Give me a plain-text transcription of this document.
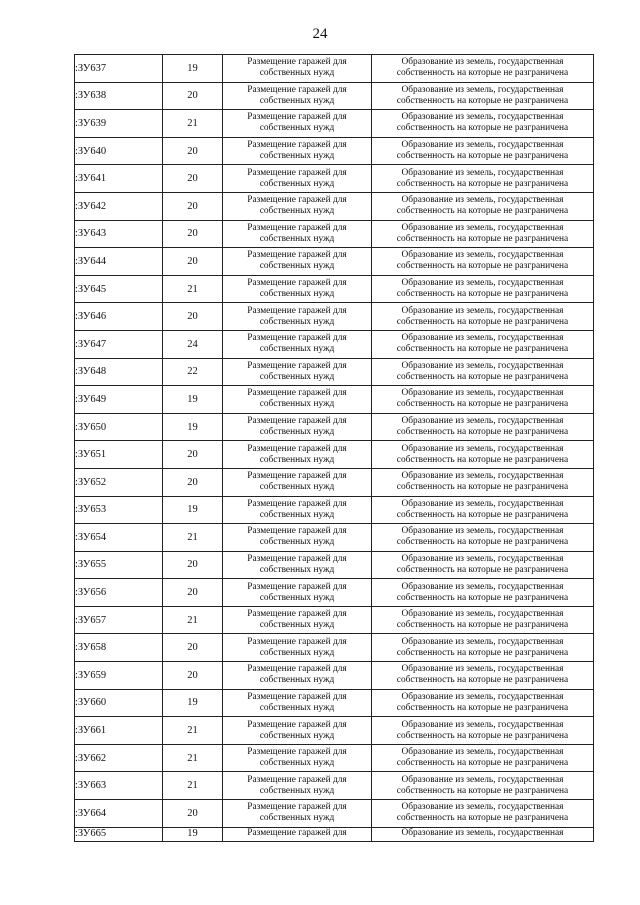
24
:ЗУ637	19	Размещение гаражей для
собственных нужд	Образование из земель, государственная
собственность на которые не разграничена

:ЗУ638	20	Размещение гаражей для
собственных нужд	Образование из земель, государственная
собственность на которые не разграничена

:ЗУ639	21	Размещение гаражей для
собственных нужд	Образование из земель, государственная
собственность на которые не разграничена

:ЗУ640	20	Размещение гаражей для
собственных нужд	Образование из земель, государственная
собственность на которые не разграничена

:ЗУ641	20	Размещение гаражей для
собственных нужд	Образование из земель, государственная
собственность на которые не разграничена

:ЗУ642	20	Размещение гаражей для
собственных нужд	Образование из земель, государственная
собственность на которые не разграничена

:ЗУ643	20	Размещение гаражей для
собственных нужд	Образование из земель, государственная
собственность на которые не разграничена

:ЗУ644	20	Размещение гаражей для
собственных нужд	Образование из земель, государственная
собственность на которые не разграничена

:ЗУ645	21	Размещение гаражей для
собственных нужд	Образование из земель, государственная
собственность на которые не разграничена

:ЗУ646	20	Размещение гаражей для
собственных нужд	Образование из земель, государственная
собственность на которые не разграничена

:ЗУ647	24	Размещение гаражей для
собственных нужд	Образование из земель, государственная
собственность на которые не разграничена

:ЗУ648	22	Размещение гаражей для
собственных нужд	Образование из земель, государственная
собственность на которые не разграничена

:ЗУ649	19	Размещение гаражей для
собственных нужд	Образование из земель, государственная
собственность на которые не разграничена

:ЗУ650	19	Размещение гаражей для
собственных нужд	Образование из земель, государственная
собственность на которые не разграничена

:ЗУ651	20	Размещение гаражей для
собственных нужд	Образование из земель, государственная
собственность на которые не разграничена

:ЗУ652	20	Размещение гаражей для
собственных нужд	Образование из земель, государственная
собственность на которые не разграничена

:ЗУ653	19	Размещение гаражей для
собственных нужд	Образование из земель, государственная
собственность на которые не разграничена

:ЗУ654	21	Размещение гаражей для
собственных нужд	Образование из земель, государственная
собственность на которые не разграничена

:ЗУ655	20	Размещение гаражей для
собственных нужд	Образование из земель, государственная
собственность на которые не разграничена

:ЗУ656	20	Размещение гаражей для
собственных нужд	Образование из земель, государственная
собственность на которые не разграничена

:ЗУ657	21	Размещение гаражей для
собственных нужд	Образование из земель, государственная
собственность на которые не разграничена

:ЗУ658	20	Размещение гаражей для
собственных нужд	Образование из земель, государственная
собственность на которые не разграничена

:ЗУ659	20	Размещение гаражей для
собственных нужд	Образование из земель, государственная
собственность на которые не разграничена

:ЗУ660	19	Размещение гаражей для
собственных нужд	Образование из земель, государственная
собственность на которые не разграничена

:ЗУ661	21	Размещение гаражей для
собственных нужд	Образование из земель, государственная
собственность на которые не разграничена

:ЗУ662	21	Размещение гаражей для
собственных нужд	Образование из земель, государственная
собственность на которые не разграничена

:ЗУ663	21	Размещение гаражей для
собственных нужд	Образование из земель, государственная
собственность на которые не разграничена

:ЗУ664	20	Размещение гаражей для
собственных нужд	Образование из земель, государственная
собственность на которые не разграничена

:ЗУ665	19	Размещение гаражей для	Образование из земель, государственная
